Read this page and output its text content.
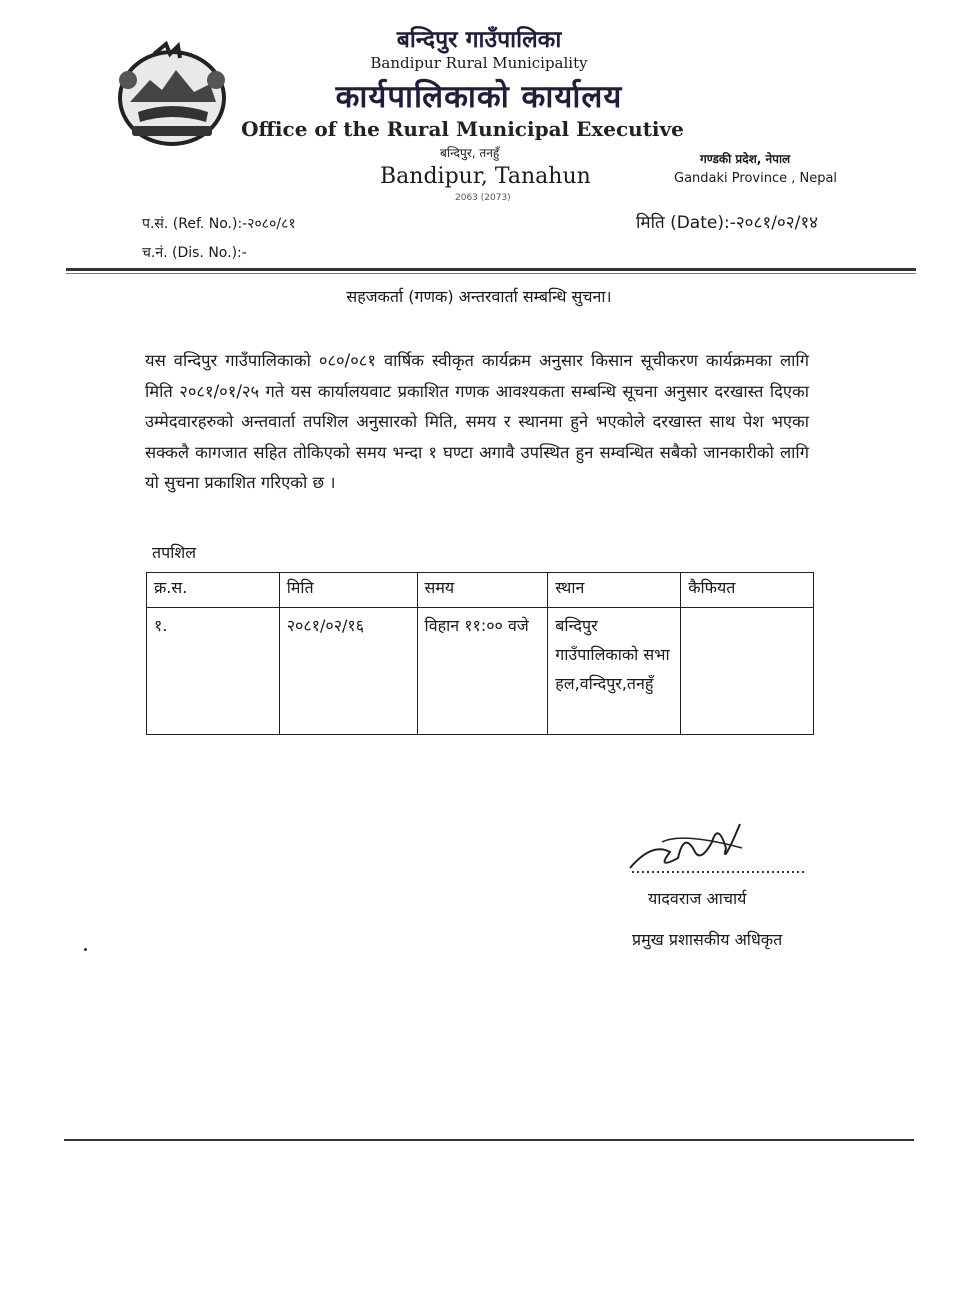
बन्दिपुर गाउँपालिका
Bandipur Rural Municipality
कार्यपालिकाको कार्यालय
Office of the Rural Municipal Executive
बन्दिपुर, तनहुँ
Bandipur, Tanahun
2063 (2073)
गण्डकी प्रदेश, नेपाल
Gandaki Province , Nepal
प.सं. (Ref. No.):-२०८०/८१
च.नं. (Dis. No.):-
मिति (Date):-२०८१/०२/१४
सहजकर्ता (गणक) अन्तरवार्ता सम्बन्धि सुचना।
यस वन्दिपुर गाउँपालिकाको ०८०/०८१ वार्षिक स्वीकृत कार्यक्रम अनुसार किसान सूचीकरण कार्यक्रमका लागि मिति २०८१/०१/२५ गते यस कार्यालयवाट प्रकाशित गणक आवश्यकता सम्बन्धि सूचना अनुसार दरखास्त दिएका उम्मेदवारहरुको अन्तवार्ता तपशिल अनुसारको मिति, समय र स्थानमा हुने भएकोले दरखास्त साथ पेश भएका सक्कलै कागजात सहित तोकिएको समय भन्दा १ घण्टा अगावै उपस्थित हुन सम्वन्धित सबैको जानकारीको लागि यो सुचना प्रकाशित गरिएको छ ।
तपशिल
क्र.स.	मिति	समय	स्थान	कैफियत
१.	२०८१/०२/१६	विहान ११:०० वजे	बन्दिपुर गाउँपालिकाको सभा हल,वन्दिपुर,तनहुँ	
यादवराज आचार्य
प्रमुख प्रशासकीय अधिकृत
